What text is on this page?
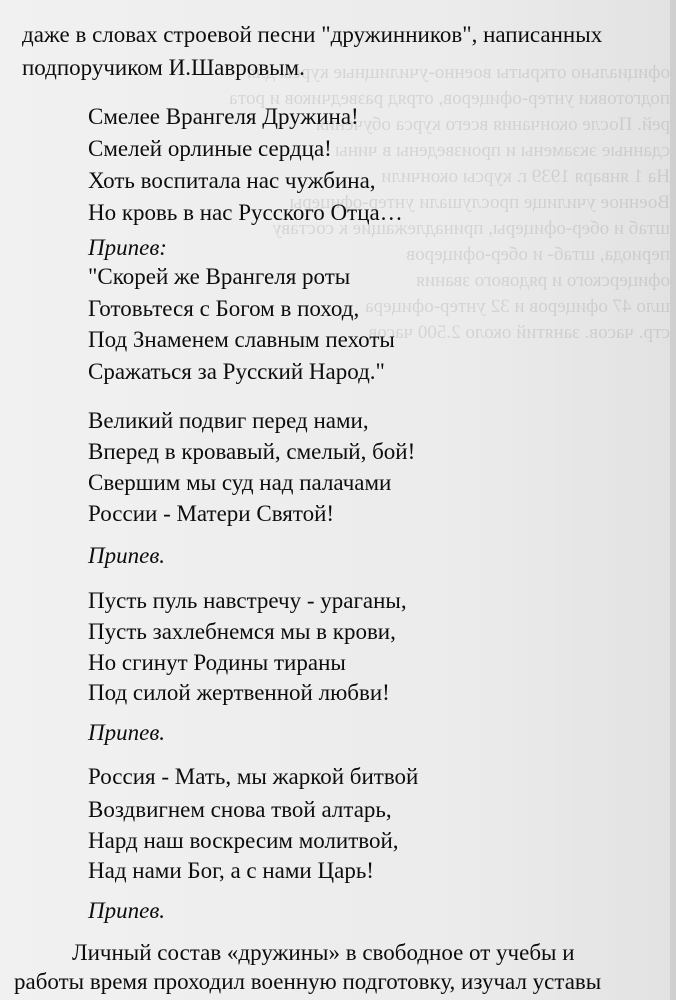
официально открыты военно-училищные курсы для
подготовки унтер-офицеров, отряд разведчиков и рота
рей. После окончания всего курса обучения
сданные экзамены и произведены в чины
На 1 января 1939 г. курсы окончили
Военное училище прослушали унтер-офицеры
штаб и обер-офицеры, принадлежащие к составу
периода, штаб- и обер-офицеров
офицерского и рядового звания
шло 47 офицеров и 32 унтер-офицера
стр. часов. занятий около 2.500 часов
даже в словах строевой песни "дружинников", написанных
подпоручиком И.Шавровым.
Смелее Врангеля Дружина!
Смелей орлиные сердца!
Хоть воспитала нас чужбина,
Но кровь в нас Русского Отца…
Припев:
"Скорей же Врангеля роты
Готовьтеся с Богом в поход,
Под Знаменем славным пехоты
Сражаться за Русский Народ."
Великий подвиг перед нами,
Вперед в кровавый, смелый, бой!
Свершим мы суд над палачами
России - Матери Святой!
Припев.
Пусть пуль навстречу - ураганы,
Пусть захлебнемся мы в крови,
Но сгинут Родины тираны
Под силой жертвенной любви!
Припев.
Россия - Мать, мы жаркой битвой
Воздвигнем снова твой алтарь,
Нард наш воскресим молитвой,
Над нами Бог, а с нами Царь!
Припев.
Личный состав «дружины» в свободное от учебы и
работы время проходил военную подготовку, изучал уставы
